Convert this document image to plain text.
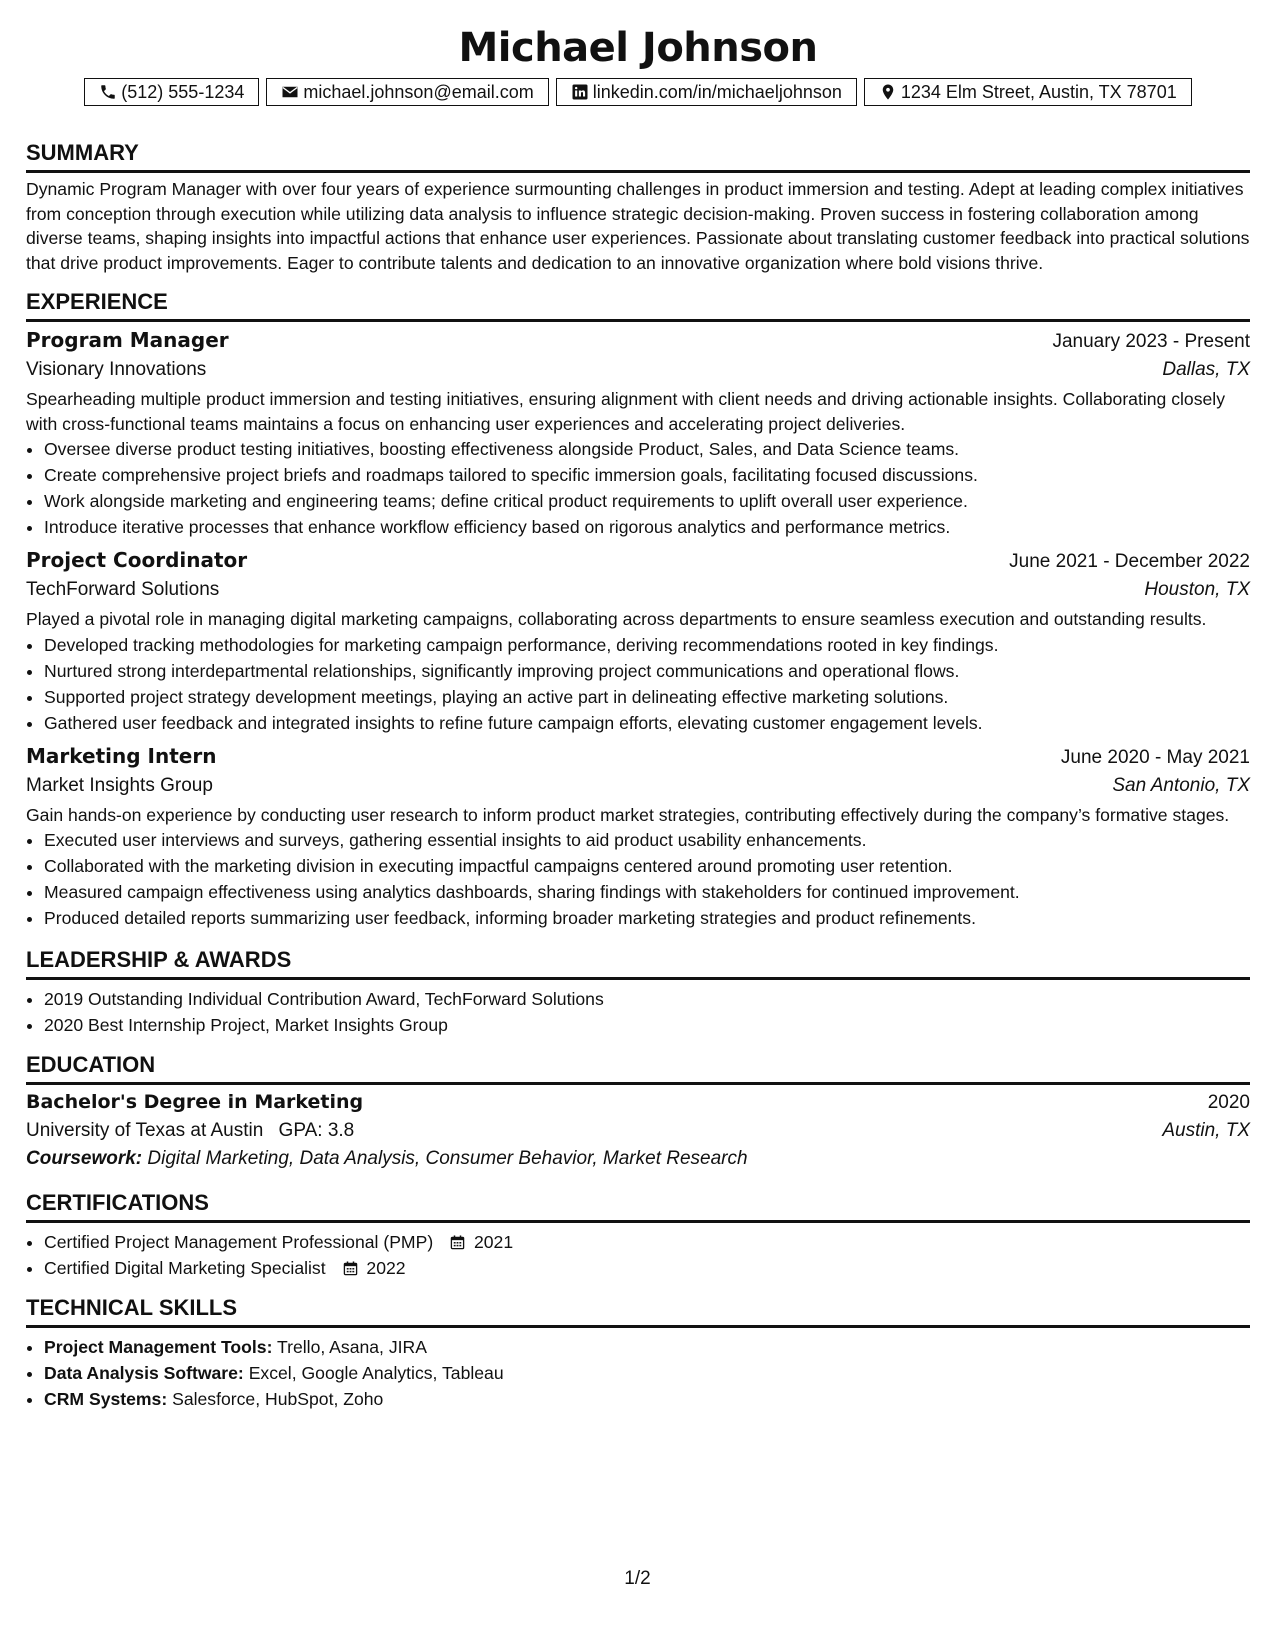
Michael Johnson
(512) 555-1234	michael.johnson@email.com	linkedin.com/in/michaeljohnson	1234 Elm Street, Austin, TX 78701
SUMMARY
Dynamic Program Manager with over four years of experience surmounting challenges in product immersion and testing. Adept at leading complex initiatives from conception through execution while utilizing data analysis to influence strategic decision-making. Proven success in fostering collaboration among diverse teams, shaping insights into impactful actions that enhance user experiences. Passionate about translating customer feedback into practical solutions that drive product improvements. Eager to contribute talents and dedication to an innovative organization where bold visions thrive.
EXPERIENCE
Program Manager	January 2023 - Present
Visionary Innovations	Dallas, TX
Spearheading multiple product immersion and testing initiatives, ensuring alignment with client needs and driving actionable insights. Collaborating closely with cross-functional teams maintains a focus on enhancing user experiences and accelerating project deliveries.
• Oversee diverse product testing initiatives, boosting effectiveness alongside Product, Sales, and Data Science teams.
• Create comprehensive project briefs and roadmaps tailored to specific immersion goals, facilitating focused discussions.
• Work alongside marketing and engineering teams; define critical product requirements to uplift overall user experience.
• Introduce iterative processes that enhance workflow efficiency based on rigorous analytics and performance metrics.
Project Coordinator	June 2021 - December 2022
TechForward Solutions	Houston, TX
Played a pivotal role in managing digital marketing campaigns, collaborating across departments to ensure seamless execution and outstanding results.
• Developed tracking methodologies for marketing campaign performance, deriving recommendations rooted in key findings.
• Nurtured strong interdepartmental relationships, significantly improving project communications and operational flows.
• Supported project strategy development meetings, playing an active part in delineating effective marketing solutions.
• Gathered user feedback and integrated insights to refine future campaign efforts, elevating customer engagement levels.
Marketing Intern	June 2020 - May 2021
Market Insights Group	San Antonio, TX
Gain hands-on experience by conducting user research to inform product market strategies, contributing effectively during the company’s formative stages.
• Executed user interviews and surveys, gathering essential insights to aid product usability enhancements.
• Collaborated with the marketing division in executing impactful campaigns centered around promoting user retention.
• Measured campaign effectiveness using analytics dashboards, sharing findings with stakeholders for continued improvement.
• Produced detailed reports summarizing user feedback, informing broader marketing strategies and product refinements.
LEADERSHIP & AWARDS
• 2019 Outstanding Individual Contribution Award, TechForward Solutions
• 2020 Best Internship Project, Market Insights Group
EDUCATION
Bachelor's Degree in Marketing	2020
University of Texas at Austin GPA: 3.8	Austin, TX
Coursework: Digital Marketing, Data Analysis, Consumer Behavior, Market Research
CERTIFICATIONS
• Certified Project Management Professional (PMP) 2021
• Certified Digital Marketing Specialist 2022
TECHNICAL SKILLS
• Project Management Tools: Trello, Asana, JIRA
• Data Analysis Software: Excel, Google Analytics, Tableau
• CRM Systems: Salesforce, HubSpot, Zoho
1/2
